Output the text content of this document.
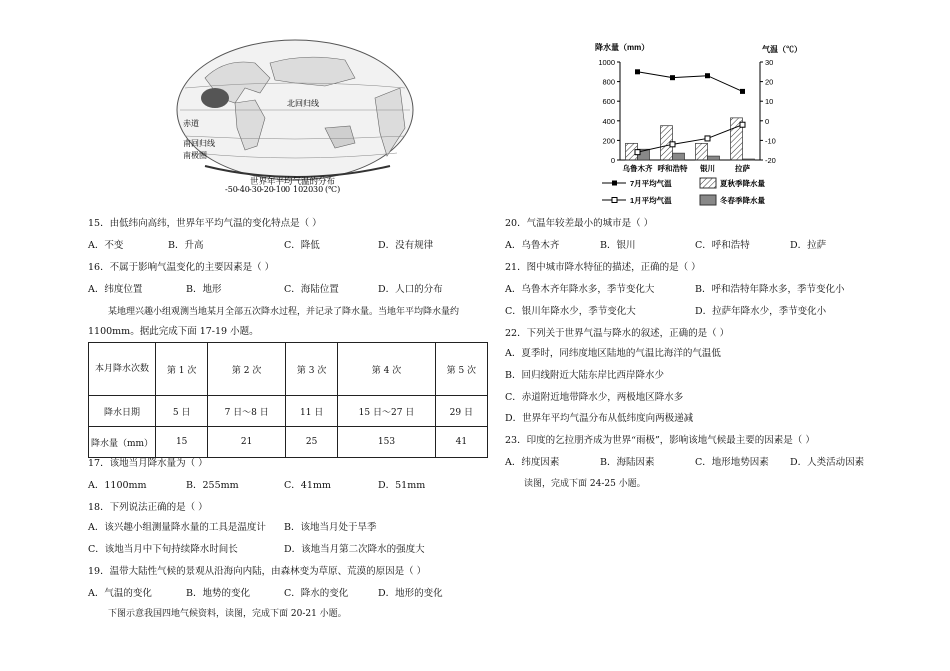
北回归线
赤道
南回归线
南极圈
-50 -40 -30 -20 -10 0 10 20 30 (℃)
世界年平均气温的分布
降水量（mm）	气温（℃）
1000
800
600
400
200
0
30
20
10
0
-10
-20
乌鲁木齐 呼和浩特 银川	拉萨
7月平均气温	夏秋季降水量
1月平均气温	冬春季降水量
15．由低纬向高纬，世界年平均气温的变化特点是（ ）
A．不变	B．升高	C．降低	D．没有规律
16．不属于影响气温变化的主要因素是（ ）
A．纬度位置	B．地形	C．海陆位置	D．人口的分布
某地理兴趣小组观测当地某月全部五次降水过程，并记录了降水量。当地年平均降水量约
1100mm。据此完成下面 17-19 小题。
本月降水次数	第 1 次	第 2 次	第 3 次	第 4 次	第 5 次
降水日期	5 日	7 日～8 日	11 日	15 日～27 日	29 日
降水量（mm）	15	21	25	153	41
17．该地当月降水量为（ ）
A．1100mm	B．255mm	C．41mm	D．51mm
18．下列说法正确的是（ ）
A．该兴趣小组测量降水量的工具是温度计 B．该地当月处于旱季
C．该地当月中下旬持续降水时间长	D．该地当月第二次降水的强度大
19．温带大陆性气候的景观从沿海向内陆，由森林变为草原、荒漠的原因是（ ）
A．气温的变化	B．地势的变化	C．降水的变化	D．地形的变化
下图示意我国四地气候资料，读图，完成下面 20-21 小题。
20．气温年较差最小的城市是（ ）
A．乌鲁木齐	B．银川	C．呼和浩特	D．拉萨
21．图中城市降水特征的描述，正确的是（ ）
A．乌鲁木齐年降水多，季节变化大	B．呼和浩特年降水多，季节变化小
C．银川年降水少，季节变化大	D．拉萨年降水少，季节变化小
22．下列关于世界气温与降水的叙述，正确的是（ ）
A．夏季时，同纬度地区陆地的气温比海洋的气温低
B．回归线附近大陆东岸比西岸降水少
C．赤道附近地带降水少，两极地区降水多
D．世界年平均气温分布从低纬度向两极递减
23．印度的乞拉朋齐成为世界“雨极”，影响该地气候最主要的因素是（ ）
A．纬度因素	B．海陆因素	C．地形地势因素 D．人类活动因素
读图，完成下面 24-25 小题。
